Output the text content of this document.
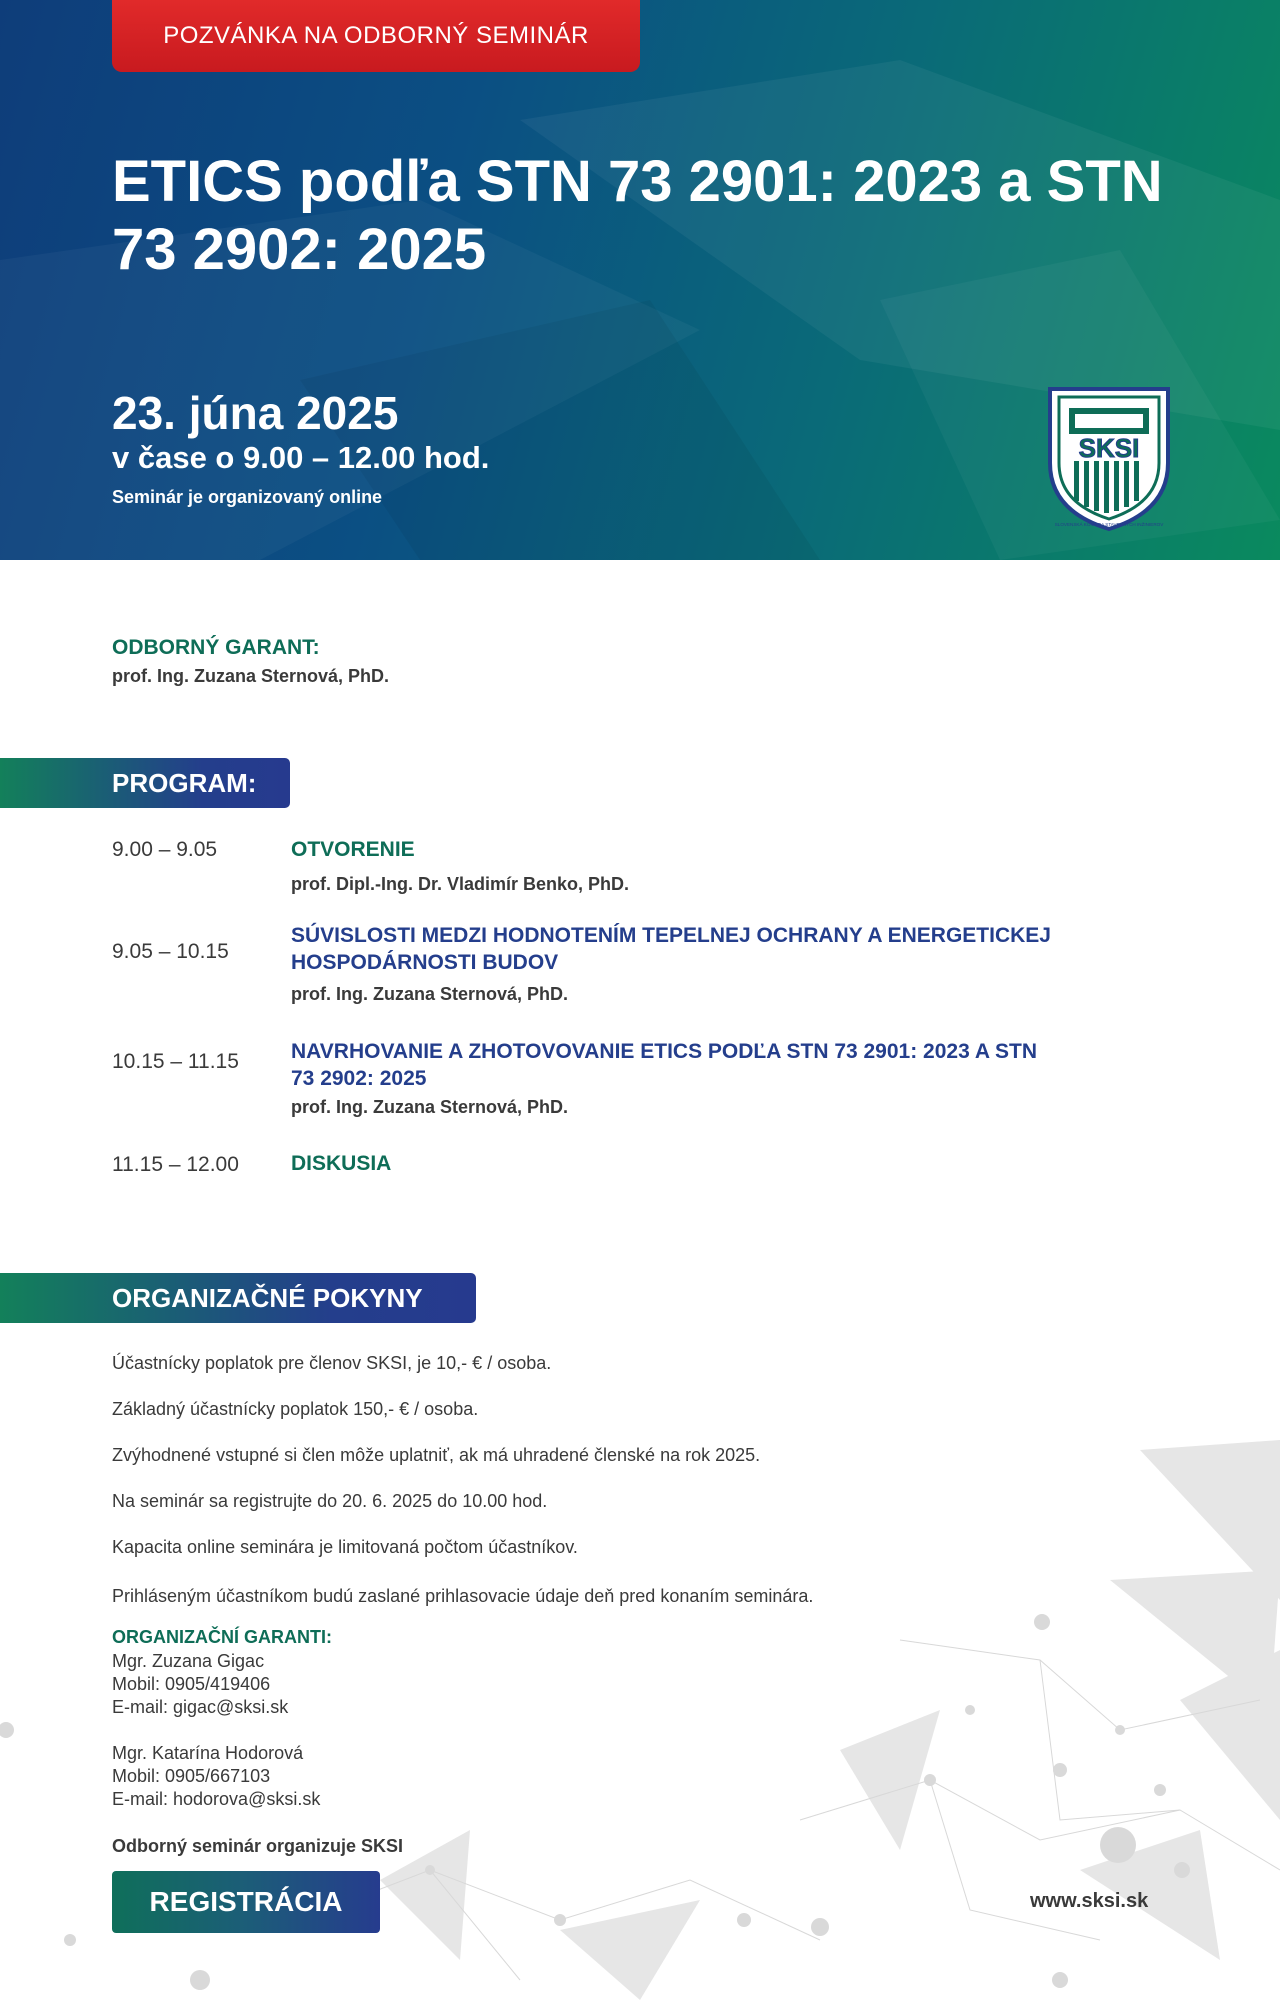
POZVÁNKA NA ODBORNÝ SEMINÁR
ETICS podľa STN 73 2901: 2023 a STN 73 2902: 2025
23. júna 2025
v čase o 9.00 – 12.00 hod.
Seminár je organizovaný online
SKSI
SLOVENSKÁ KOMORA STAVEBNÝCH INŽINIEROV
ODBORNÝ GARANT:
prof. Ing. Zuzana Sternová, PhD.
PROGRAM:
9.00 – 9.05	OTVORENIE
prof. Dipl.-Ing. Dr. Vladimír Benko, PhD.
9.05 – 10.15
SÚVISLOSTI MEDZI HODNOTENÍM TEPELNEJ OCHRANY A ENERGETICKEJ HOSPODÁRNOSTI BUDOV
prof. Ing. Zuzana Sternová, PhD.
10.15 – 11.15 NAVRHOVANIE A ZHOTOVOVANIE ETICS PODĽA STN 73 2901: 2023 A STN 73 2902: 2025
prof. Ing. Zuzana Sternová, PhD.
11.15 – 12.00 DISKUSIA
ORGANIZAČNÉ POKYNY
Účastnícky poplatok pre členov SKSI, je 10,- € / osoba.
Základný účastnícky poplatok 150,- € / osoba.
Zvýhodnené vstupné si člen môže uplatniť, ak má uhradené členské na rok 2025.
Na seminár sa registrujte do 20. 6. 2025 do 10.00 hod.
Kapacita online seminára je limitovaná počtom účastníkov.
Prihláseným účastníkom budú zaslané prihlasovacie údaje deň pred konaním seminára.
ORGANIZAČNÍ GARANTI:
Mgr. Zuzana Gigac
Mobil: 0905/419406
E-mail: gigac@sksi.sk
Mgr. Katarína Hodorová
Mobil: 0905/667103
E-mail: hodorova@sksi.sk
Odborný seminár organizuje SKSI
REGISTRÁCIA	www.sksi.sk
